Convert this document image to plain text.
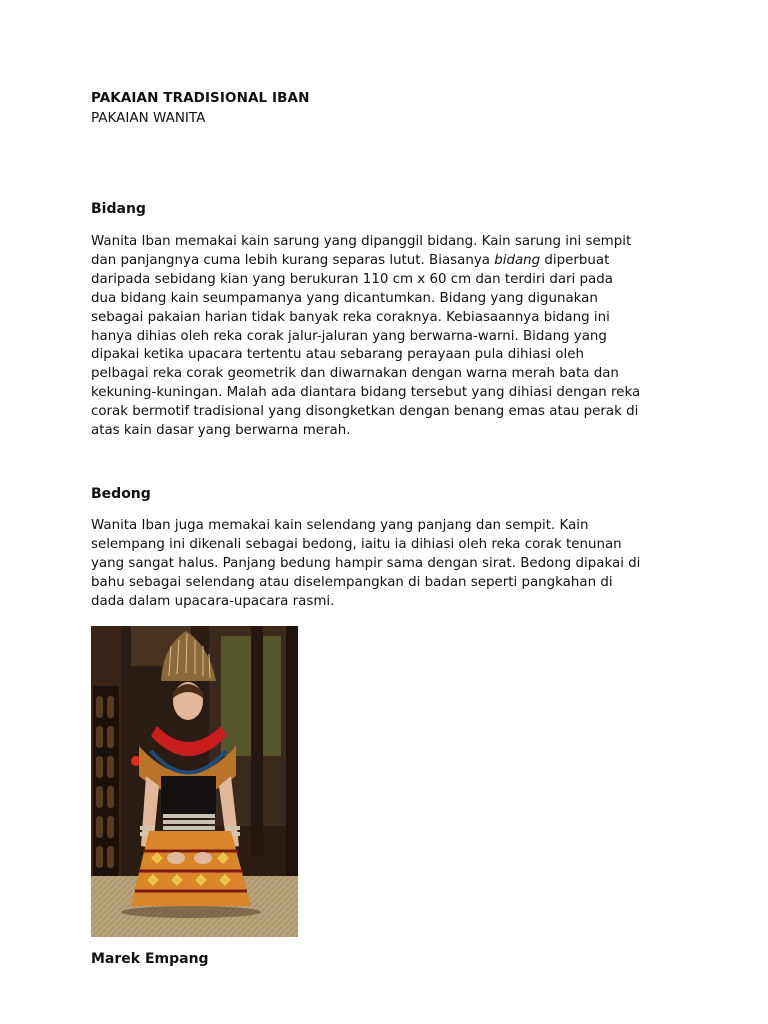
PAKAIAN TRADISIONAL IBAN
PAKAIAN WANITA
Bidang

Wanita Iban memakai kain sarung yang dipanggil bidang. Kain sarung ini sempit
dan panjangnya cuma lebih kurang separas lutut. Biasanya bidang diperbuat
daripada sebidang kian yang berukuran 110 cm x 60 cm dan terdiri dari pada
dua bidang kain seumpamanya yang dicantumkan. Bidang yang digunakan
sebagai pakaian harian tidak banyak reka coraknya. Kebiasaannya bidang ini
hanya dihias oleh reka corak jalur-jaluran yang berwarna-warni. Bidang yang
dipakai ketika upacara tertentu atau sebarang perayaan pula dihiasi oleh
pelbagai reka corak geometrik dan diwarnakan dengan warna merah bata dan
kekuning-kuningan. Malah ada diantara bidang tersebut yang dihiasi dengan reka
corak bermotif tradisional yang disongketkan dengan benang emas atau perak di
atas kain dasar yang berwarna merah.

Bedong

Wanita Iban juga memakai kain selendang yang panjang dan sempit. Kain
selempang ini dikenali sebagai bedong, iaitu ia dihiasi oleh reka corak tenunan
yang sangat halus. Panjang bedung hampir sama dengan sirat. Bedong dipakai di
bahu sebagai selendang atau diselempangkan di badan seperti pangkahan di
dada dalam upacara-upacara rasmi.

Marek Empang
